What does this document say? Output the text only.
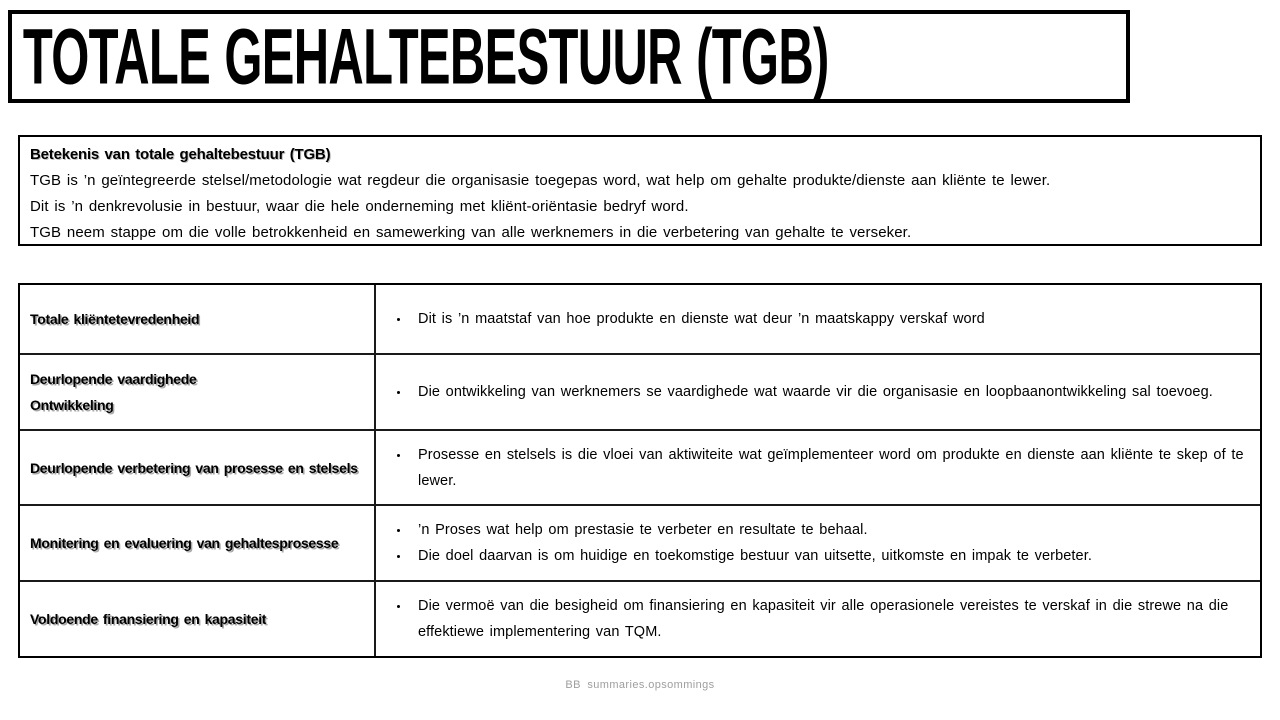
TOTALE GEHALTEBESTUUR (TGB)
Betekenis van totale gehaltebestuur (TGB)
TGB is ’n geïntegreerde stelsel/metodologie wat regdeur die organisasie toegepas word, wat help om gehalte produkte/dienste aan kliënte te lewer.
Dit is ’n denkrevolusie in bestuur, waar die hele onderneming met kliënt-oriëntasie bedryf word.
TGB neem stappe om die volle betrokkenheid en samewerking van alle werknemers in die verbetering van gehalte te verseker.
Totale kliëntetevredenheid	• Dit is ’n maatstaf van hoe produkte en dienste wat deur ’n maatskappy verskaf word
Deurlopende vaardighede
Ontwikkeling
• Die ontwikkeling van werknemers se vaardighede wat waarde vir die organisasie en loopbaanontwikkeling sal toevoeg.
Deurlopende verbetering van prosesse en stelsels
• Prosesse en stelsels is die vloei van aktiwiteite wat geïmplementeer word om produkte en dienste aan kliënte te skep of te lewer.
Monitering en evaluering van gehaltesprosesse
• ’n Proses wat help om prestasie te verbeter en resultate te behaal.
• Die doel daarvan is om huidige en toekomstige bestuur van uitsette, uitkomste en impak te verbeter.
Voldoende finansiering en kapasiteit
• Die vermoë van die besigheid om finansiering en kapasiteit vir alle operasionele vereistes te verskaf in die strewe na die effektiewe implementering van TQM.
BB summaries.opsommings
